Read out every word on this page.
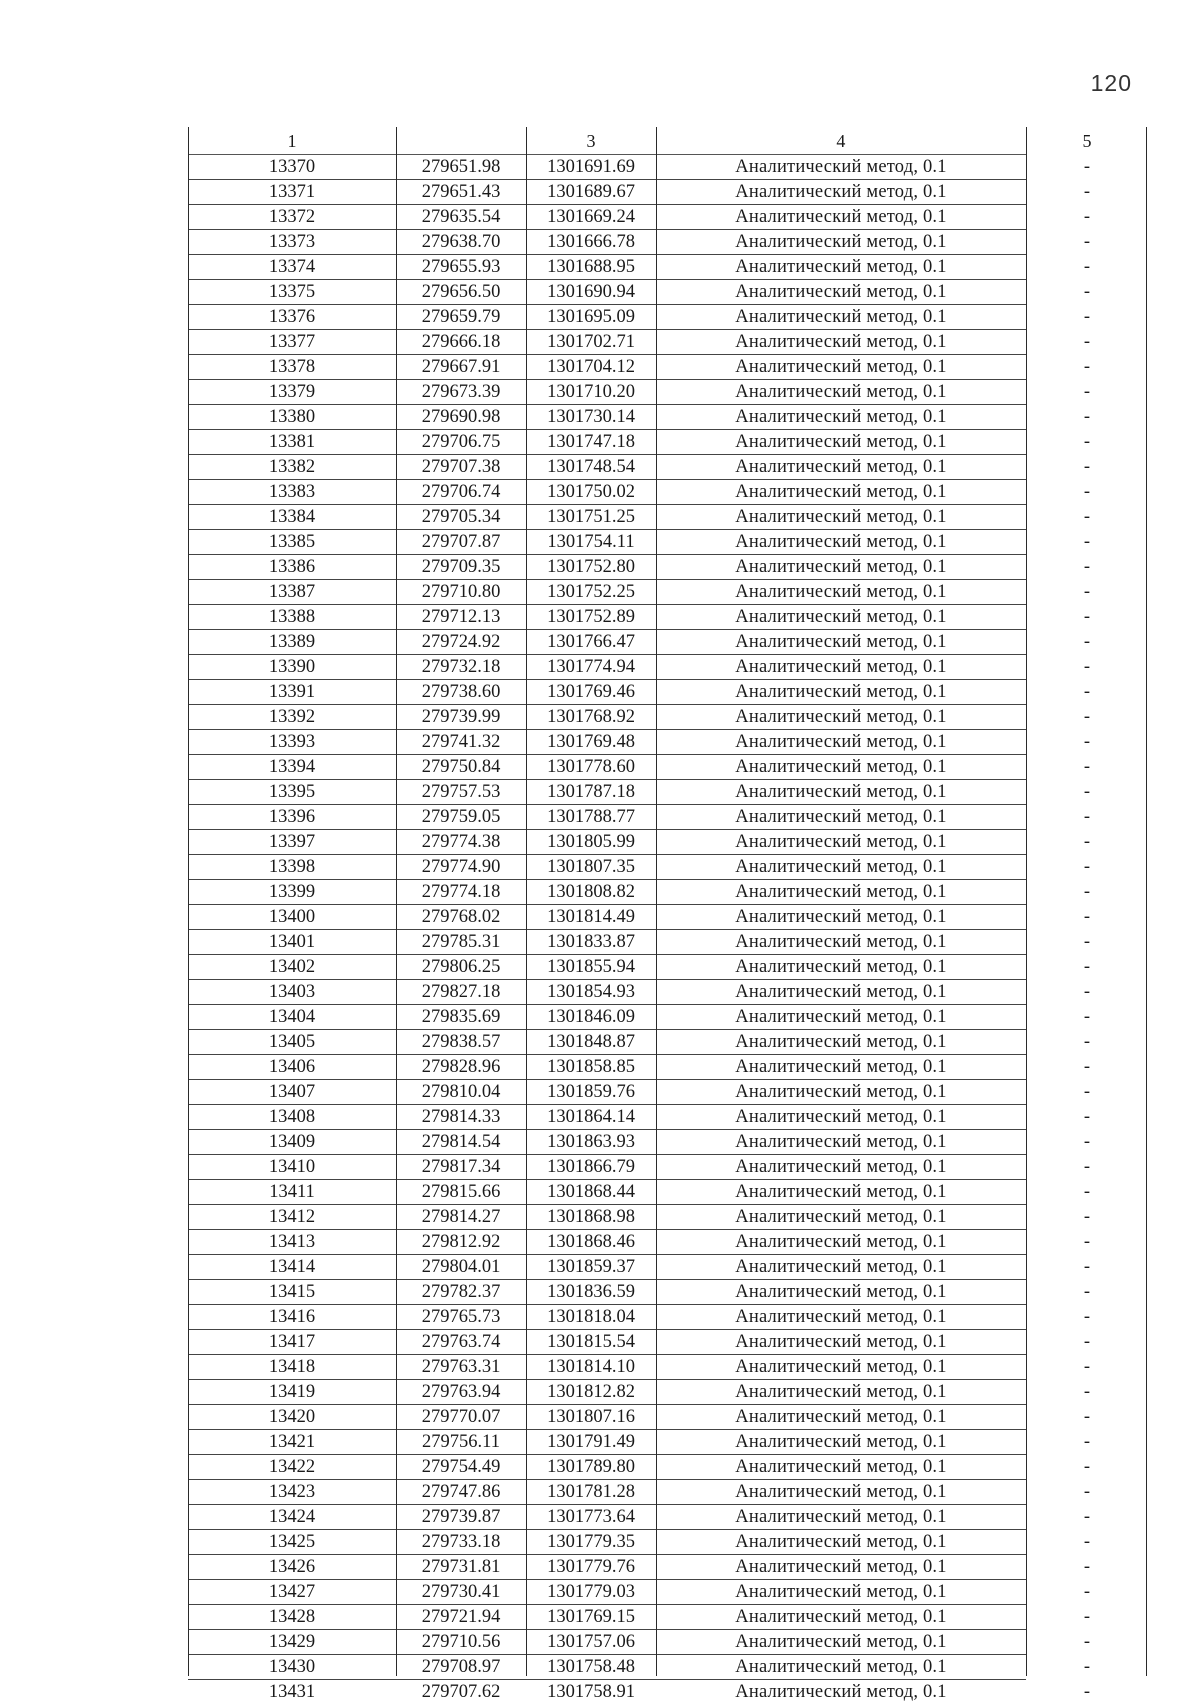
120
1		3	4	5
13370	279651.98	1301691.69	Аналитический метод, 0.1	-
13371	279651.43	1301689.67	Аналитический метод, 0.1	-
13372	279635.54	1301669.24	Аналитический метод, 0.1	-
13373	279638.70	1301666.78	Аналитический метод, 0.1	-
13374	279655.93	1301688.95	Аналитический метод, 0.1	-
13375	279656.50	1301690.94	Аналитический метод, 0.1	-
13376	279659.79	1301695.09	Аналитический метод, 0.1	-
13377	279666.18	1301702.71	Аналитический метод, 0.1	-
13378	279667.91	1301704.12	Аналитический метод, 0.1	-
13379	279673.39	1301710.20	Аналитический метод, 0.1	-
13380	279690.98	1301730.14	Аналитический метод, 0.1	-
13381	279706.75	1301747.18	Аналитический метод, 0.1	-
13382	279707.38	1301748.54	Аналитический метод, 0.1	-
13383	279706.74	1301750.02	Аналитический метод, 0.1	-
13384	279705.34	1301751.25	Аналитический метод, 0.1	-
13385	279707.87	1301754.11	Аналитический метод, 0.1	-
13386	279709.35	1301752.80	Аналитический метод, 0.1	-
13387	279710.80	1301752.25	Аналитический метод, 0.1	-
13388	279712.13	1301752.89	Аналитический метод, 0.1	-
13389	279724.92	1301766.47	Аналитический метод, 0.1	-
13390	279732.18	1301774.94	Аналитический метод, 0.1	-
13391	279738.60	1301769.46	Аналитический метод, 0.1	-
13392	279739.99	1301768.92	Аналитический метод, 0.1	-
13393	279741.32	1301769.48	Аналитический метод, 0.1	-
13394	279750.84	1301778.60	Аналитический метод, 0.1	-
13395	279757.53	1301787.18	Аналитический метод, 0.1	-
13396	279759.05	1301788.77	Аналитический метод, 0.1	-
13397	279774.38	1301805.99	Аналитический метод, 0.1	-
13398	279774.90	1301807.35	Аналитический метод, 0.1	-
13399	279774.18	1301808.82	Аналитический метод, 0.1	-
13400	279768.02	1301814.49	Аналитический метод, 0.1	-
13401	279785.31	1301833.87	Аналитический метод, 0.1	-
13402	279806.25	1301855.94	Аналитический метод, 0.1	-
13403	279827.18	1301854.93	Аналитический метод, 0.1	-
13404	279835.69	1301846.09	Аналитический метод, 0.1	-
13405	279838.57	1301848.87	Аналитический метод, 0.1	-
13406	279828.96	1301858.85	Аналитический метод, 0.1	-
13407	279810.04	1301859.76	Аналитический метод, 0.1	-
13408	279814.33	1301864.14	Аналитический метод, 0.1	-
13409	279814.54	1301863.93	Аналитический метод, 0.1	-
13410	279817.34	1301866.79	Аналитический метод, 0.1	-
13411	279815.66	1301868.44	Аналитический метод, 0.1	-
13412	279814.27	1301868.98	Аналитический метод, 0.1	-
13413	279812.92	1301868.46	Аналитический метод, 0.1	-
13414	279804.01	1301859.37	Аналитический метод, 0.1	-
13415	279782.37	1301836.59	Аналитический метод, 0.1	-
13416	279765.73	1301818.04	Аналитический метод, 0.1	-
13417	279763.74	1301815.54	Аналитический метод, 0.1	-
13418	279763.31	1301814.10	Аналитический метод, 0.1	-
13419	279763.94	1301812.82	Аналитический метод, 0.1	-
13420	279770.07	1301807.16	Аналитический метод, 0.1	-
13421	279756.11	1301791.49	Аналитический метод, 0.1	-
13422	279754.49	1301789.80	Аналитический метод, 0.1	-
13423	279747.86	1301781.28	Аналитический метод, 0.1	-
13424	279739.87	1301773.64	Аналитический метод, 0.1	-
13425	279733.18	1301779.35	Аналитический метод, 0.1	-
13426	279731.81	1301779.76	Аналитический метод, 0.1	-
13427	279730.41	1301779.03	Аналитический метод, 0.1	-
13428	279721.94	1301769.15	Аналитический метод, 0.1	-
13429	279710.56	1301757.06	Аналитический метод, 0.1	-
13430	279708.97	1301758.48	Аналитический метод, 0.1	-
13431	279707.62	1301758.91	Аналитический метод, 0.1	-
